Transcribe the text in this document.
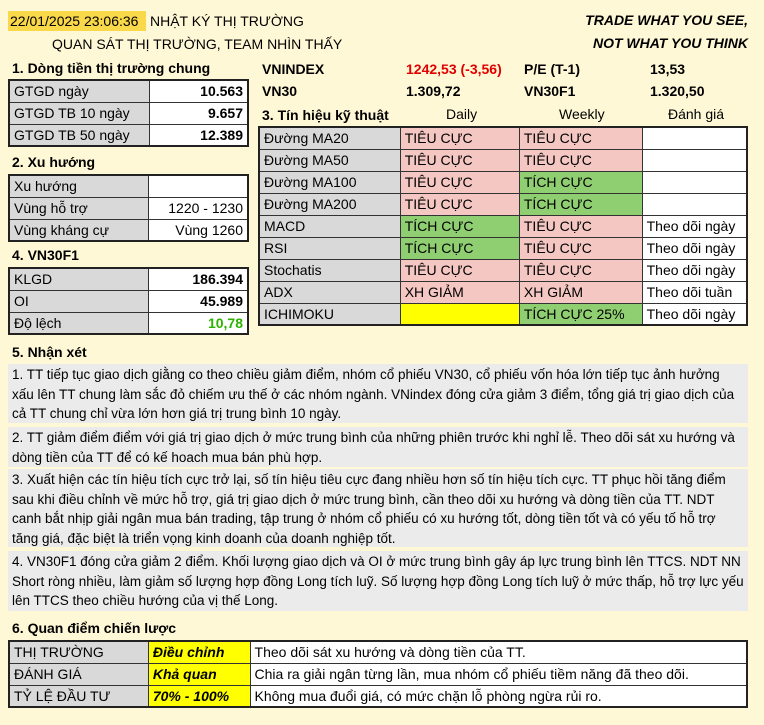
22/01/2025 23:06:36 NHẬT KÝ THỊ TRƯỜNG
QUAN SÁT THỊ TRƯỜNG, TEAM NHÌN THẤY
TRADE WHAT YOU SEE,
NOT WHAT YOU THINK
VNINDEX	1242,53 (-3,56) P/E (T-1)	13,53
VN30	1.309,72	VN30F1	1.320,50
1. Dòng tiền thị trường chung
GTGD ngày	10.563
GTGD TB 10 ngày	9.657
GTGD TB 50 ngày	12.389
2. Xu hướng
Xu hướng	
Vùng hỗ trợ	1220 - 1230
Vùng kháng cự	Vùng 1260
4. VN30F1
KLGD	186.394
OI	45.989
Độ lệch	10,78
3. Tín hiệu kỹ thuật	Daily	Weekly	Đánh giá
Đường MA20	TIÊU CỰC	TIÊU CỰC	
Đường MA50	TIÊU CỰC	TIÊU CỰC	
Đường MA100	TIÊU CỰC	TÍCH CỰC	
Đường MA200	TIÊU CỰC	TÍCH CỰC	
MACD	TÍCH CỰC	TIÊU CỰC	Theo dõi ngày
RSI	TÍCH CỰC	TIÊU CỰC	Theo dõi ngày
Stochatis	TIÊU CỰC	TIÊU CỰC	Theo dõi ngày
ADX	XH GIẢM	XH GIẢM	Theo dõi tuần
ICHIMOKU		TÍCH CỰC 25%	Theo dõi ngày
5. Nhận xét
1. TT tiếp tục giao dịch giằng co theo chiều giảm điểm, nhóm cổ phiếu VN30, cổ phiếu vốn hóa lớn tiếp tục ảnh hưởng xấu lên TT chung làm sắc đỏ chiếm ưu thế ở các nhóm ngành. VNindex đóng cửa giảm 3 điểm, tổng giá trị giao dịch của cả TT chung chỉ vừa lớn hơn giá trị trung bình 10 ngày.
2. TT giảm điểm điểm với giá trị giao dịch ở mức trung bình của những phiên trước khi nghỉ lễ. Theo dõi sát xu hướng và dòng tiền của TT để có kế hoach mua bán phù hợp.
3. Xuất hiện các tín hiệu tích cực trở lại, số tín hiệu tiêu cực đang nhiều hơn số tín hiệu tích cực. TT phục hồi tăng điểm sau khi điều chỉnh về mức hỗ trợ, giá trị giao dịch ở mức trung bình, cần theo dõi xu hướng và dòng tiền của TT. NDT canh bắt nhịp giải ngân mua bán trading, tập trung ở nhóm cổ phiếu có xu hướng tốt, dòng tiền tốt và có yếu tố hỗ trợ tăng giá, đặc biệt là triển vọng kinh doanh của doanh nghiệp tốt.
4. VN30F1 đóng cửa giảm 2 điểm. Khối lượng giao dịch và OI ở mức trung bình gây áp lực trung bình lên TTCS. NDT NN Short ròng nhiều, làm giảm số lượng hợp đồng Long tích luỹ. Số lượng hợp đồng Long tích luỹ ở mức thấp, hỗ trợ lực yếu lên TTCS theo chiều hướng của vị thế Long.
6. Quan điểm chiến lược
THỊ TRƯỜNG	Điều chỉnh	Theo dõi sát xu hướng và dòng tiền của TT.
ĐÁNH GIÁ	Khả quan	Chia ra giải ngân từng lần, mua nhóm cổ phiếu tiềm năng đã theo dõi.
TỶ LỆ ĐẦU TƯ	70% - 100%	Không mua đuổi giá, có mức chặn lỗ phòng ngừa rủi ro.
